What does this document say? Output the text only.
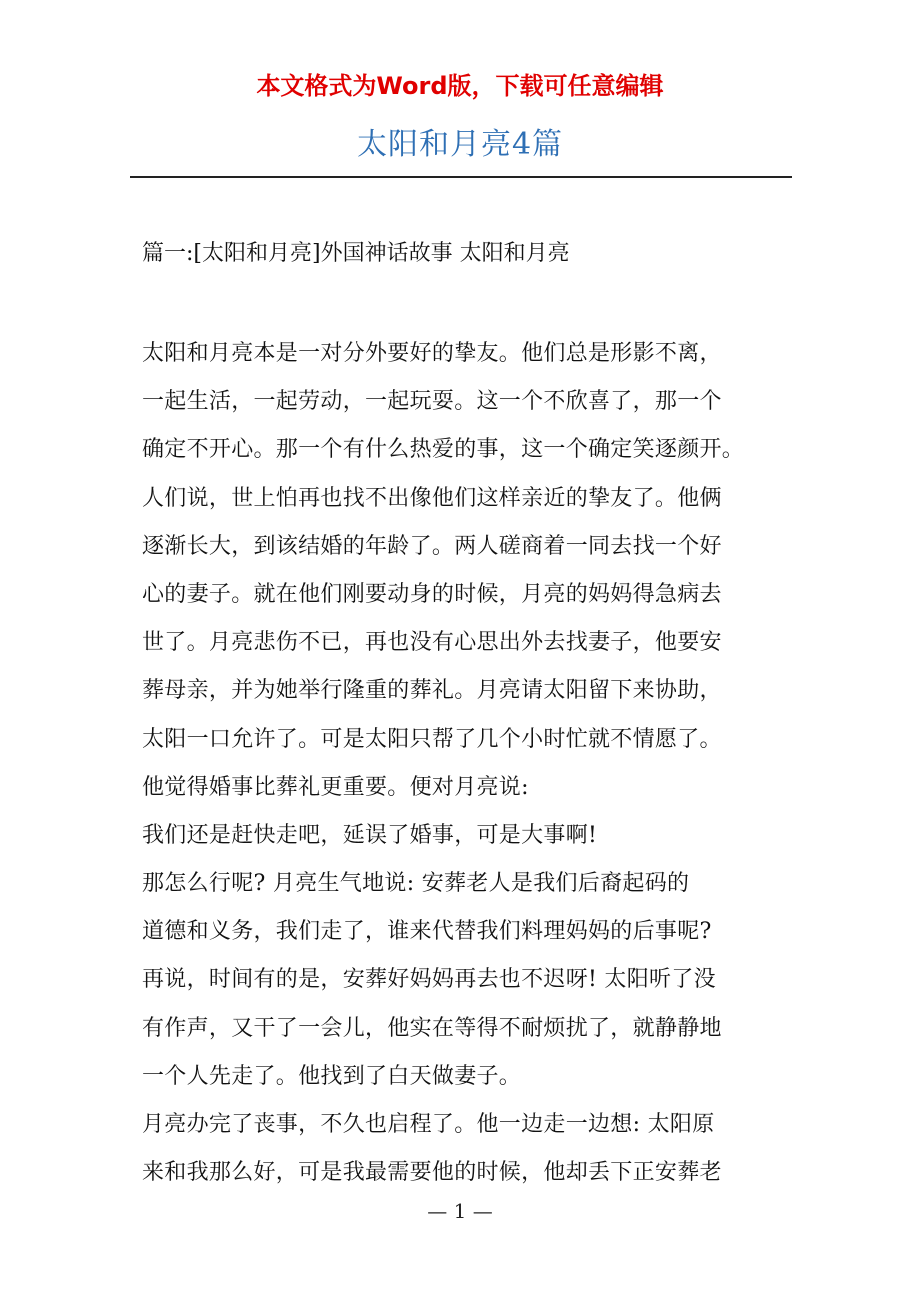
本文格式为Word版，下载可任意编辑
太阳和月亮4篇
篇一:[太阳和月亮]外国神话故事 太阳和月亮
太阳和月亮本是一对分外要好的挚友。他们总是形影不离，
一起生活，一起劳动，一起玩耍。这一个不欣喜了，那一个
确定不开心。那一个有什么热爱的事，这一个确定笑逐颜开。
人们说，世上怕再也找不出像他们这样亲近的挚友了。他俩
逐渐长大，到该结婚的年龄了。两人磋商着一同去找一个好
心的妻子。就在他们刚要动身的时候，月亮的妈妈得急病去
世了。月亮悲伤不已，再也没有心思出外去找妻子，他要安
葬母亲，并为她举行隆重的葬礼。月亮请太阳留下来协助，
太阳一口允许了。可是太阳只帮了几个小时忙就不情愿了。
他觉得婚事比葬礼更重要。便对月亮说:
我们还是赶快走吧，延误了婚事，可是大事啊!
那怎么行呢? 月亮生气地说: 安葬老人是我们后裔起码的
道德和义务，我们走了，谁来代替我们料理妈妈的后事呢?
再说，时间有的是，安葬好妈妈再去也不迟呀! 太阳听了没
有作声，又干了一会儿，他实在等得不耐烦扰了，就静静地
一个人先走了。他找到了白天做妻子。
月亮办完了丧事，不久也启程了。他一边走一边想: 太阳原
来和我那么好，可是我最需要他的时候，他却丢下正安葬老
— 1 —
